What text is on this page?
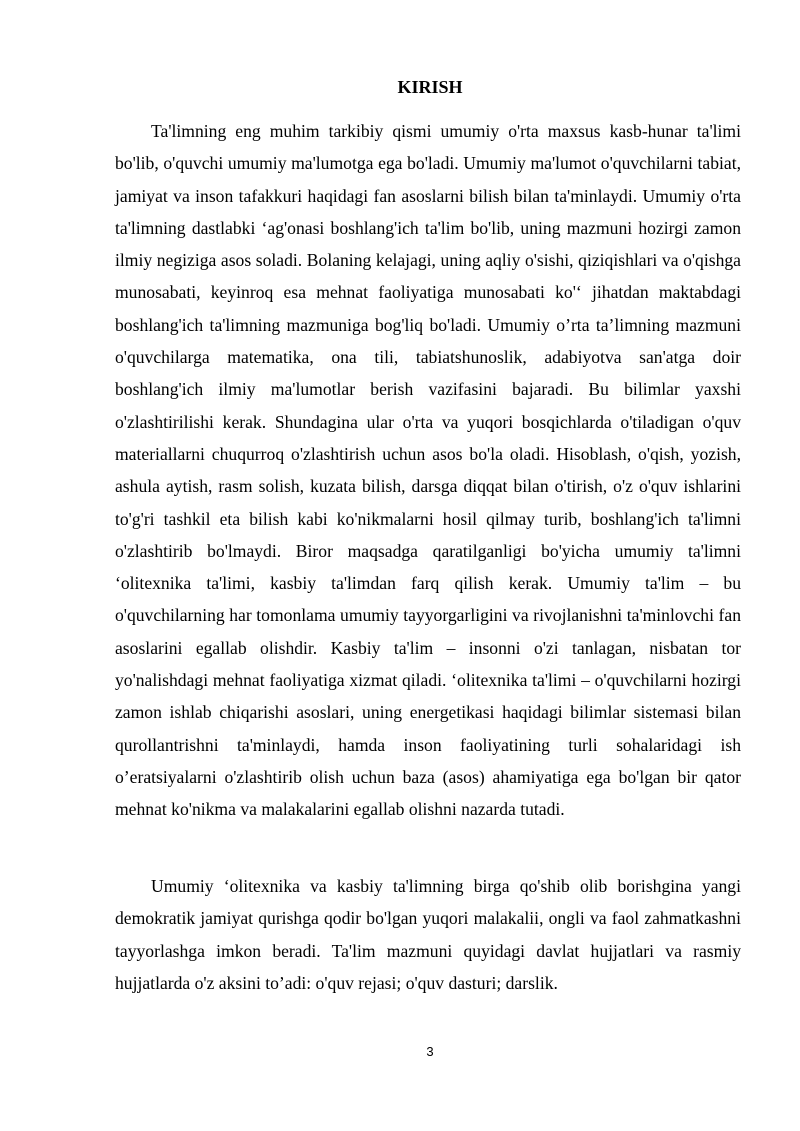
KIRISH

Ta'limning eng muhim tarkibiy qismi umumiy o'rta maxsus kasb-hunar ta'limi bo'lib, o'quvchi umumiy ma'lumotga ega bo'ladi. Umumiy ma'lumot o'quvchilarni tabiat, jamiyat va inson tafakkuri haqidagi fan asoslarni bilish bilan ta'minlaydi. Umumiy o'rta ta'limning dastlabki ‘ag'onasi boshlang'ich ta'lim bo'lib, uning mazmuni hozirgi zamon ilmiy negiziga asos soladi. Bolaning kelajagi, uning aqliy o'sishi, qiziqishlari va o'qishga munosabati, keyinroq esa mehnat faoliyatiga munosabati ko'‘ jihatdan maktabdagi boshlang'ich ta'limning mazmuniga bog'liq bo'ladi. Umumiy o’rta ta’limning mazmuni o'quvchilarga matematika, ona tili, tabiatshunoslik, adabiyotva san'atga doir boshlang'ich ilmiy ma'lumotlar berish vazifasini bajaradi. Bu bilimlar yaxshi o'zlashtirilishi kerak. Shundagina ular o'rta va yuqori bosqichlarda o'tiladigan o'quv materiallarni chuqurroq o'zlashtirish uchun asos bo'la oladi. Hisoblash, o'qish, yozish, ashula aytish, rasm solish, kuzata bilish, darsga diqqat bilan o'tirish, o'z o'quv ishlarini to'g'ri tashkil eta bilish kabi ko'nikmalarni hosil qilmay turib, boshlang'ich ta'limni o'zlashtirib bo'lmaydi. Biror maqsadga qaratilganligi bo'yicha umumiy ta'limni ‘olitexnika ta'limi, kasbiy ta'limdan farq qilish kerak. Umumiy ta'lim – bu o'quvchilarning har tomonlama umumiy tayyorgarligini va rivojlanishni ta'minlovchi fan asoslarini egallab olishdir. Kasbiy ta'lim – insonni o'zi tanlagan, nisbatan tor yo'nalishdagi mehnat faoliyatiga xizmat qiladi. ‘olitexnika ta'limi – o'quvchilarni hozirgi zamon ishlab chiqarishi asoslari, uning energetikasi haqidagi bilimlar sistemasi bilan qurollantrishni ta'minlaydi, hamda inson faoliyatining turli sohalaridagi ish o’eratsiyalarni o'zlashtirib olish uchun baza (asos) ahamiyatiga ega bo'lgan bir qator mehnat ko'nikma va malakalarini egallab olishni nazarda tutadi.

Umumiy ‘olitexnika va kasbiy ta'limning birga qo'shib olib borishgina yangi demokratik jamiyat qurishga qodir bo'lgan yuqori malakalii, ongli va faol zahmatkashni tayyorlashga imkon beradi. Ta'lim mazmuni quyidagi davlat hujjatlari va rasmiy hujjatlarda o'z aksini to’adi: o'quv rejasi; o'quv dasturi; darslik.

3
